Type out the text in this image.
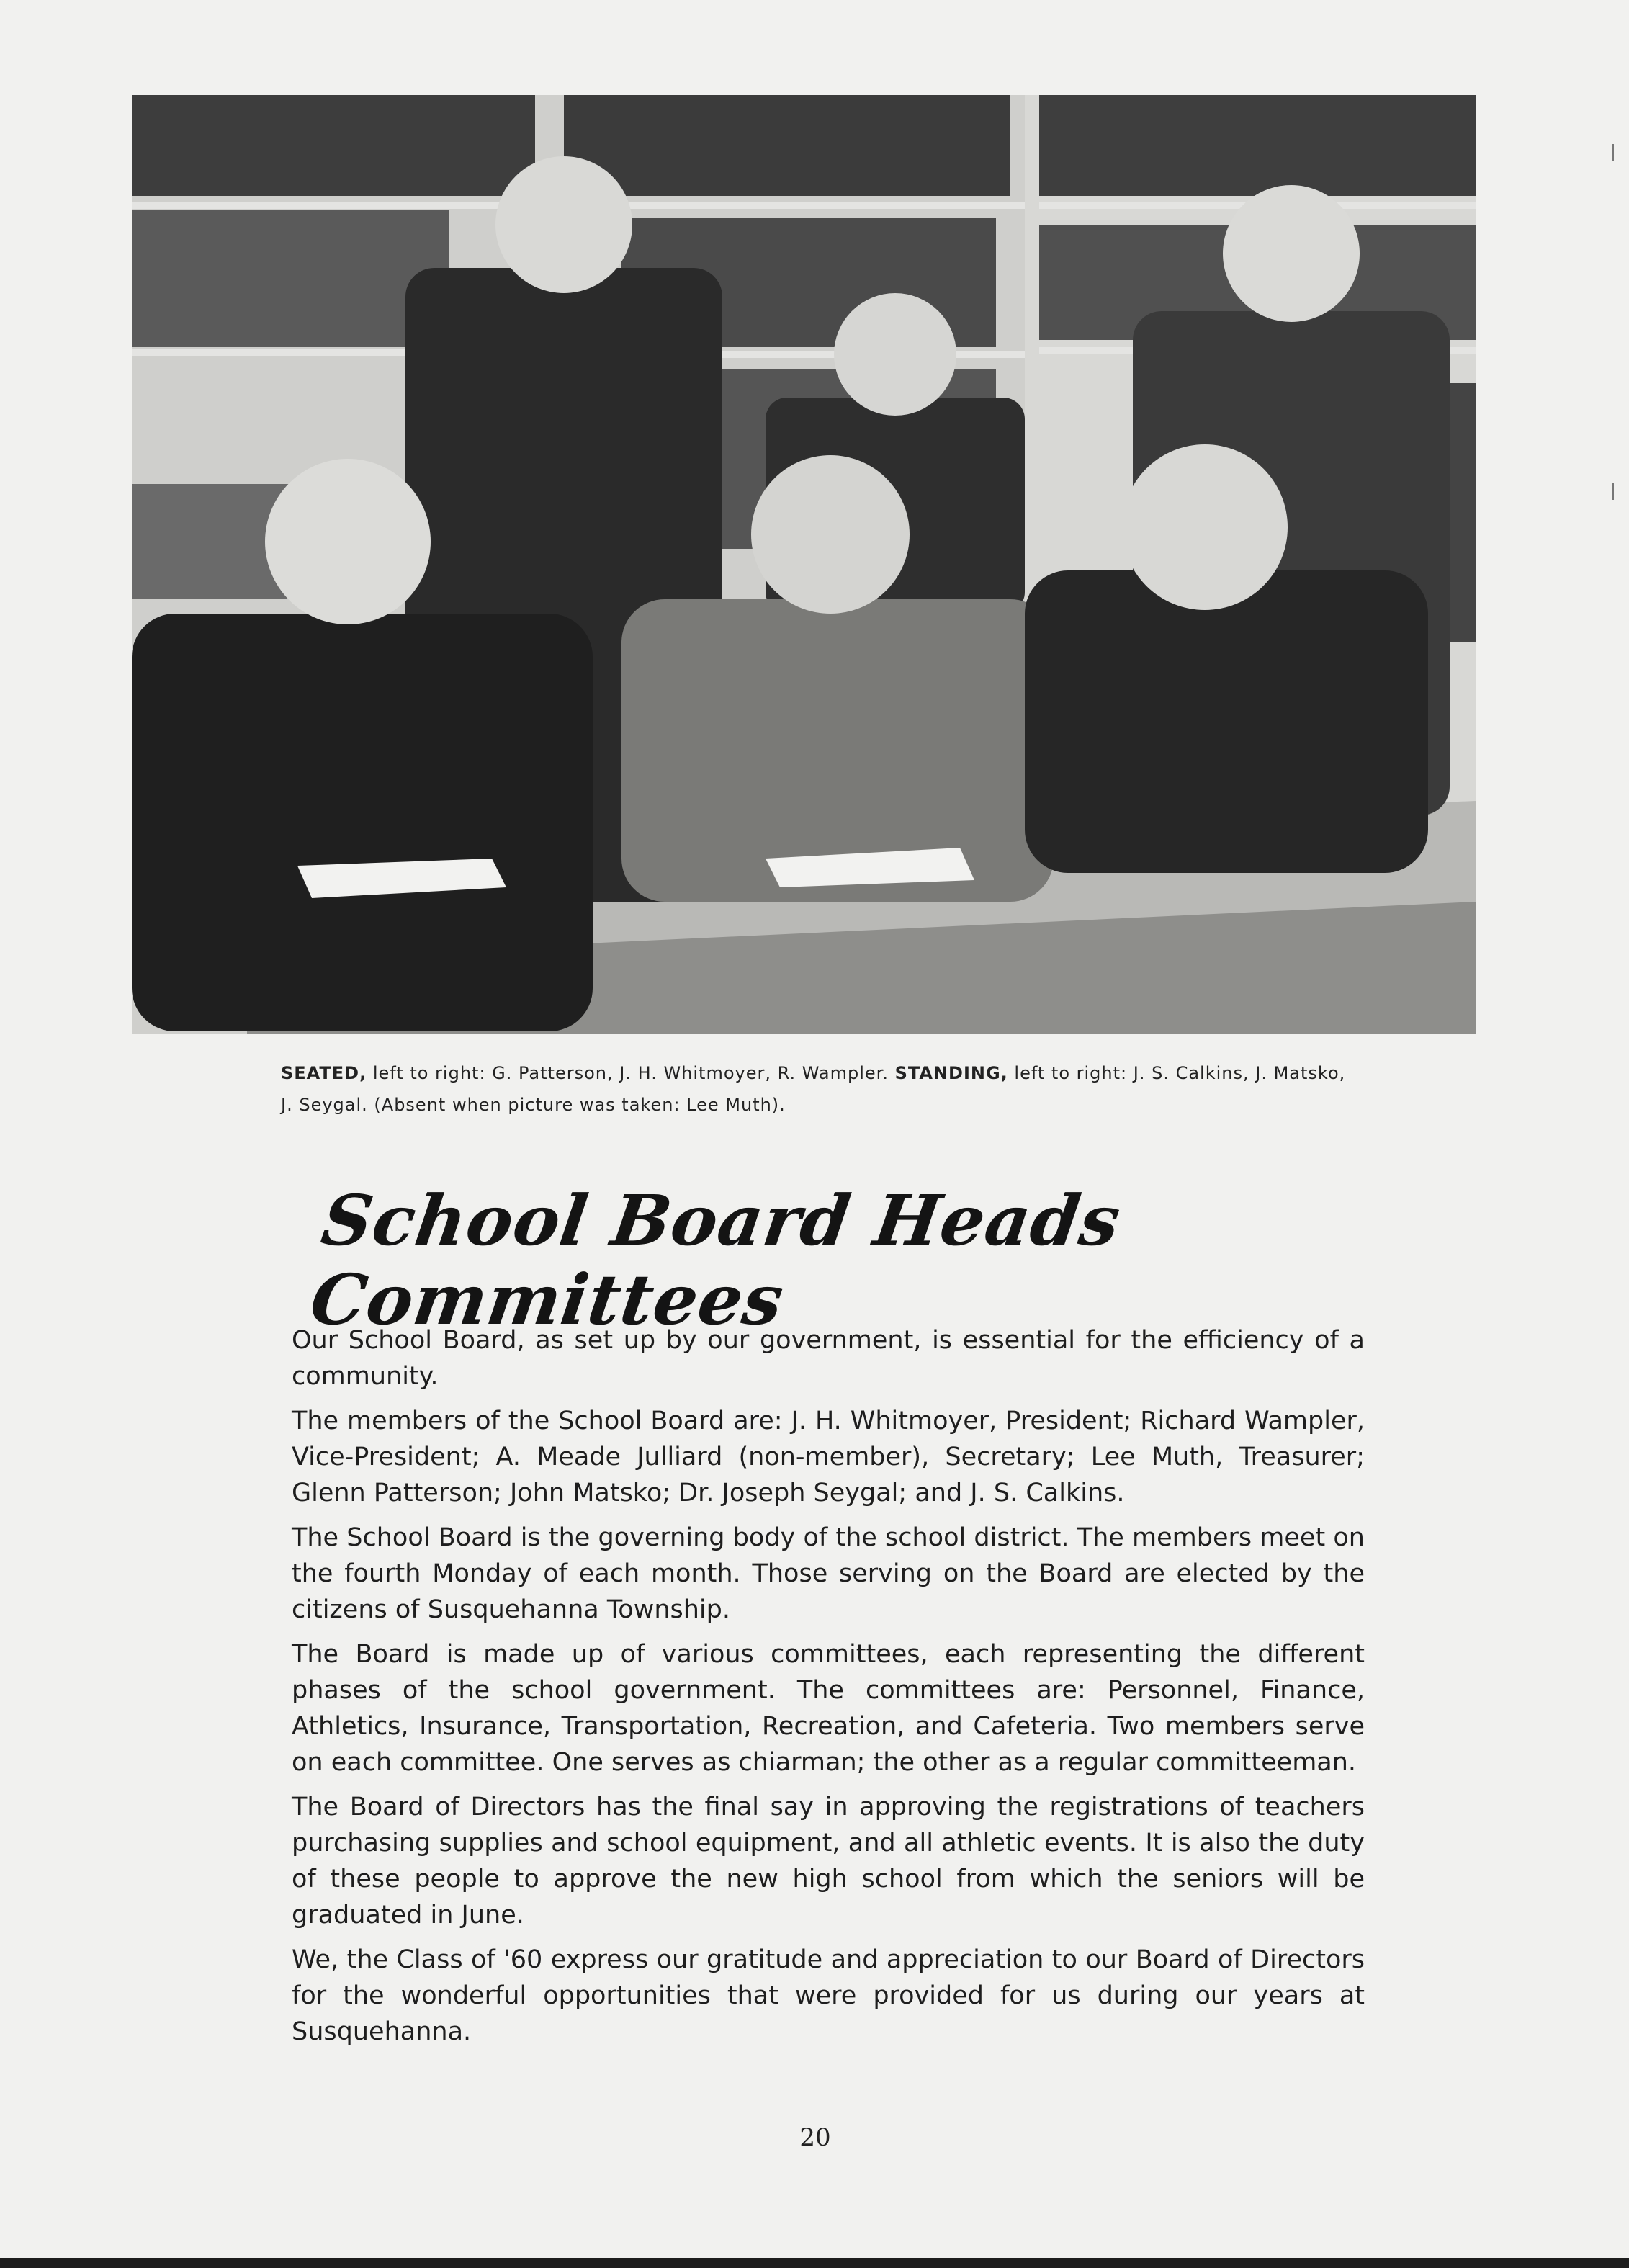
SEATED, left to right: G. Patterson, J. H. Whitmoyer, R. Wampler. STANDING, left to right: J. S. Calkins, J. Matsko, J. Seygal. (Absent when picture was taken: Lee Muth).
School Board Heads Committees

Our School Board, as set up by our government, is essential for the efficiency of a community.

The members of the School Board are: J. H. Whitmoyer, President; Richard Wampler, Vice-President; A. Meade Julliard (non-member), Secretary; Lee Muth, Treasurer; Glenn Patterson; John Matsko; Dr. Joseph Seygal; and J. S. Calkins.

The School Board is the governing body of the school district. The members meet on the fourth Monday of each month. Those serving on the Board are elected by the citizens of Susquehanna Township.

The Board is made up of various committees, each representing the different phases of the school government. The committees are: Personnel, Finance, Athletics, Insurance, Transportation, Recreation, and Cafeteria. Two members serve on each committee. One serves as chiarman; the other as a regular committeeman.

The Board of Directors has the final say in approving the registrations of teachers purchasing supplies and school equipment, and all athletic events. It is also the duty of these people to approve the new high school from which the seniors will be graduated in June.

We, the Class of '60 express our gratitude and appreciation to our Board of Directors for the wonderful opportunities that were provided for us during our years at Susquehanna.

20
